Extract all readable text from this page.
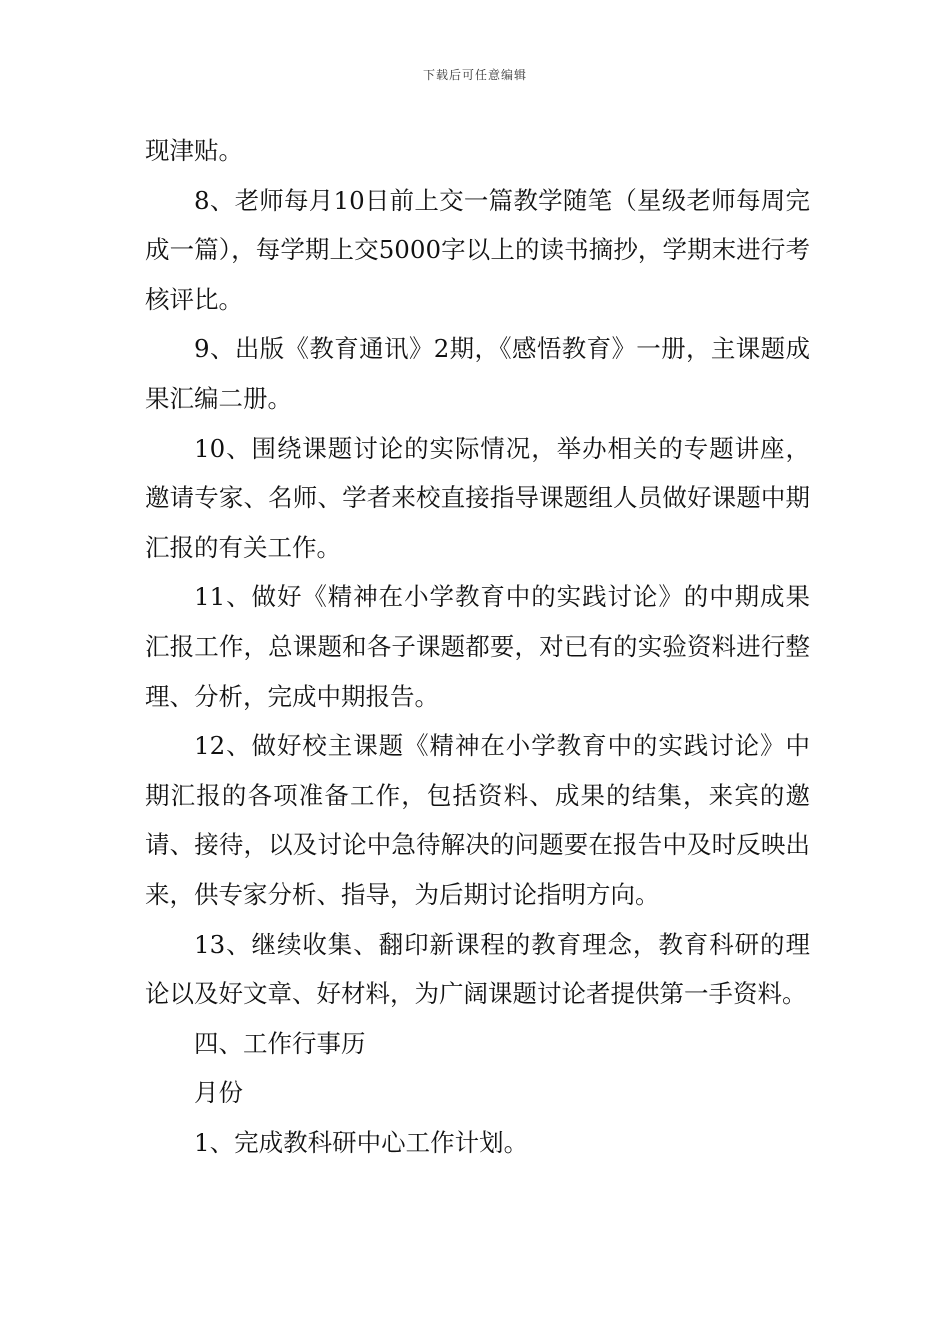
下载后可任意编辑

现津贴。

8、老师每月10日前上交一篇教学随笔（星级老师每周完成一篇），每学期上交5000字以上的读书摘抄，学期末进行考核评比。

9、出版《教育通讯》2期，《感悟教育》一册，主课题成果汇编二册。

10、围绕课题讨论的实际情况，举办相关的专题讲座，邀请专家、名师、学者来校直接指导课题组人员做好课题中期汇报的有关工作。

11、做好《精神在小学教育中的实践讨论》的中期成果汇报工作，总课题和各子课题都要，对已有的实验资料进行整理、分析，完成中期报告。

12、做好校主课题《精神在小学教育中的实践讨论》中期汇报的各项准备工作，包括资料、成果的结集，来宾的邀请、接待，以及讨论中急待解决的问题要在报告中及时反映出来，供专家分析、指导，为后期讨论指明方向。

13、继续收集、翻印新课程的教育理念，教育科研的理论以及好文章、好材料，为广阔课题讨论者提供第一手资料。

四、工作行事历

月份

1、完成教科研中心工作计划。
